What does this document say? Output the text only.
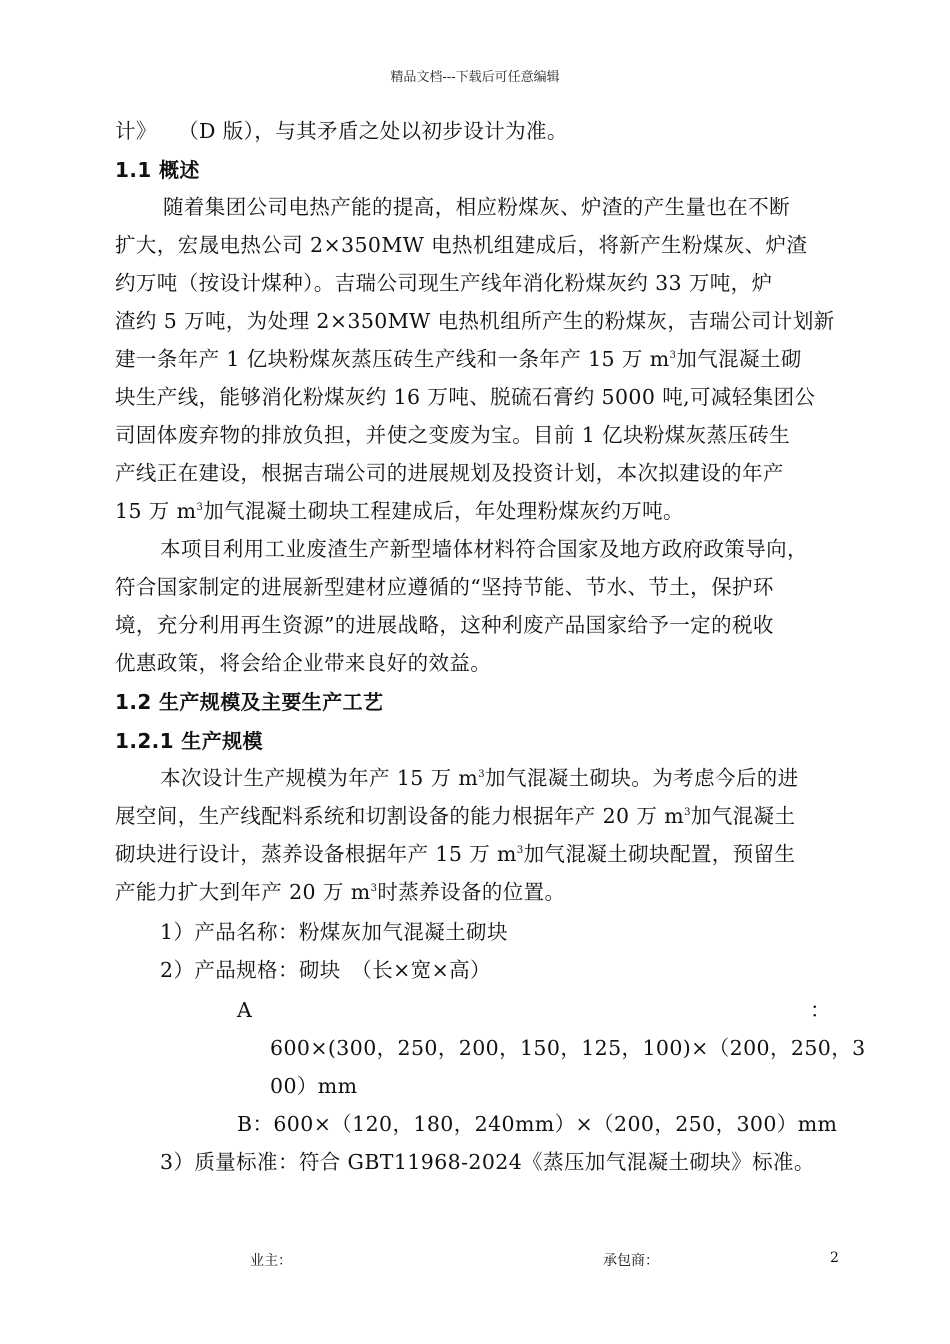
精品文档---下载后可任意编辑
计》　　（D 版），与其矛盾之处以初步设计为准。
1.1 概述
随着集团公司电热产能的提高，相应粉煤灰、炉渣的产生量也在不断
扩大，宏晟电热公司 2×350MW 电热机组建成后，将新产生粉煤灰、炉渣
约万吨（按设计煤种）。吉瑞公司现生产线年消化粉煤灰约 33 万吨，炉
渣约 5 万吨，为处理 2×350MW 电热机组所产生的粉煤灰，吉瑞公司计划新
建一条年产 1 亿块粉煤灰蒸压砖生产线和一条年产 15 万 $m^3$加气混凝土砌
块生产线，能够消化粉煤灰约 16 万吨、脱硫石膏约 5000 吨,可减轻集团公
司固体废弃物的排放负担，并使之变废为宝。目前 1 亿块粉煤灰蒸压砖生
产线正在建设，根据吉瑞公司的进展规划及投资计划，本次拟建设的年产
15 万 $m^3$加气混凝土砌块工程建成后，年处理粉煤灰约万吨。
本项目利用工业废渣生产新型墙体材料符合国家及地方政府政策导向，
符合国家制定的进展新型建材应遵循的“坚持节能、节水、节土，保护环
境，充分利用再生资源”的进展战略，这种利废产品国家给予一定的税收
优惠政策，将会给企业带来良好的效益。
1.2 生产规模及主要生产工艺
1.2.1 生产规模
本次设计生产规模为年产 15 万 $m^3$加气混凝土砌块。为考虑今后的进
展空间，生产线配料系统和切割设备的能力根据年产 20 万 $m^3$加气混凝土
砌块进行设计，蒸养设备根据年产 15 万 $m^3$加气混凝土砌块配置，预留生
产能力扩大到年产 20 万 $m^3$时蒸养设备的位置。
1）产品名称：粉煤灰加气混凝土砌块
2）产品规格：砌块　（长×宽×高）
A	：
600×(300，250，200，150，125，100)×（200，250，3
00）mm
B：600×（120，180，240mm）×（200，250，300）mm
3）质量标准：符合 GBT11968-2024《蒸压加气混凝土砌块》标准。
业主：	承包商：	2
